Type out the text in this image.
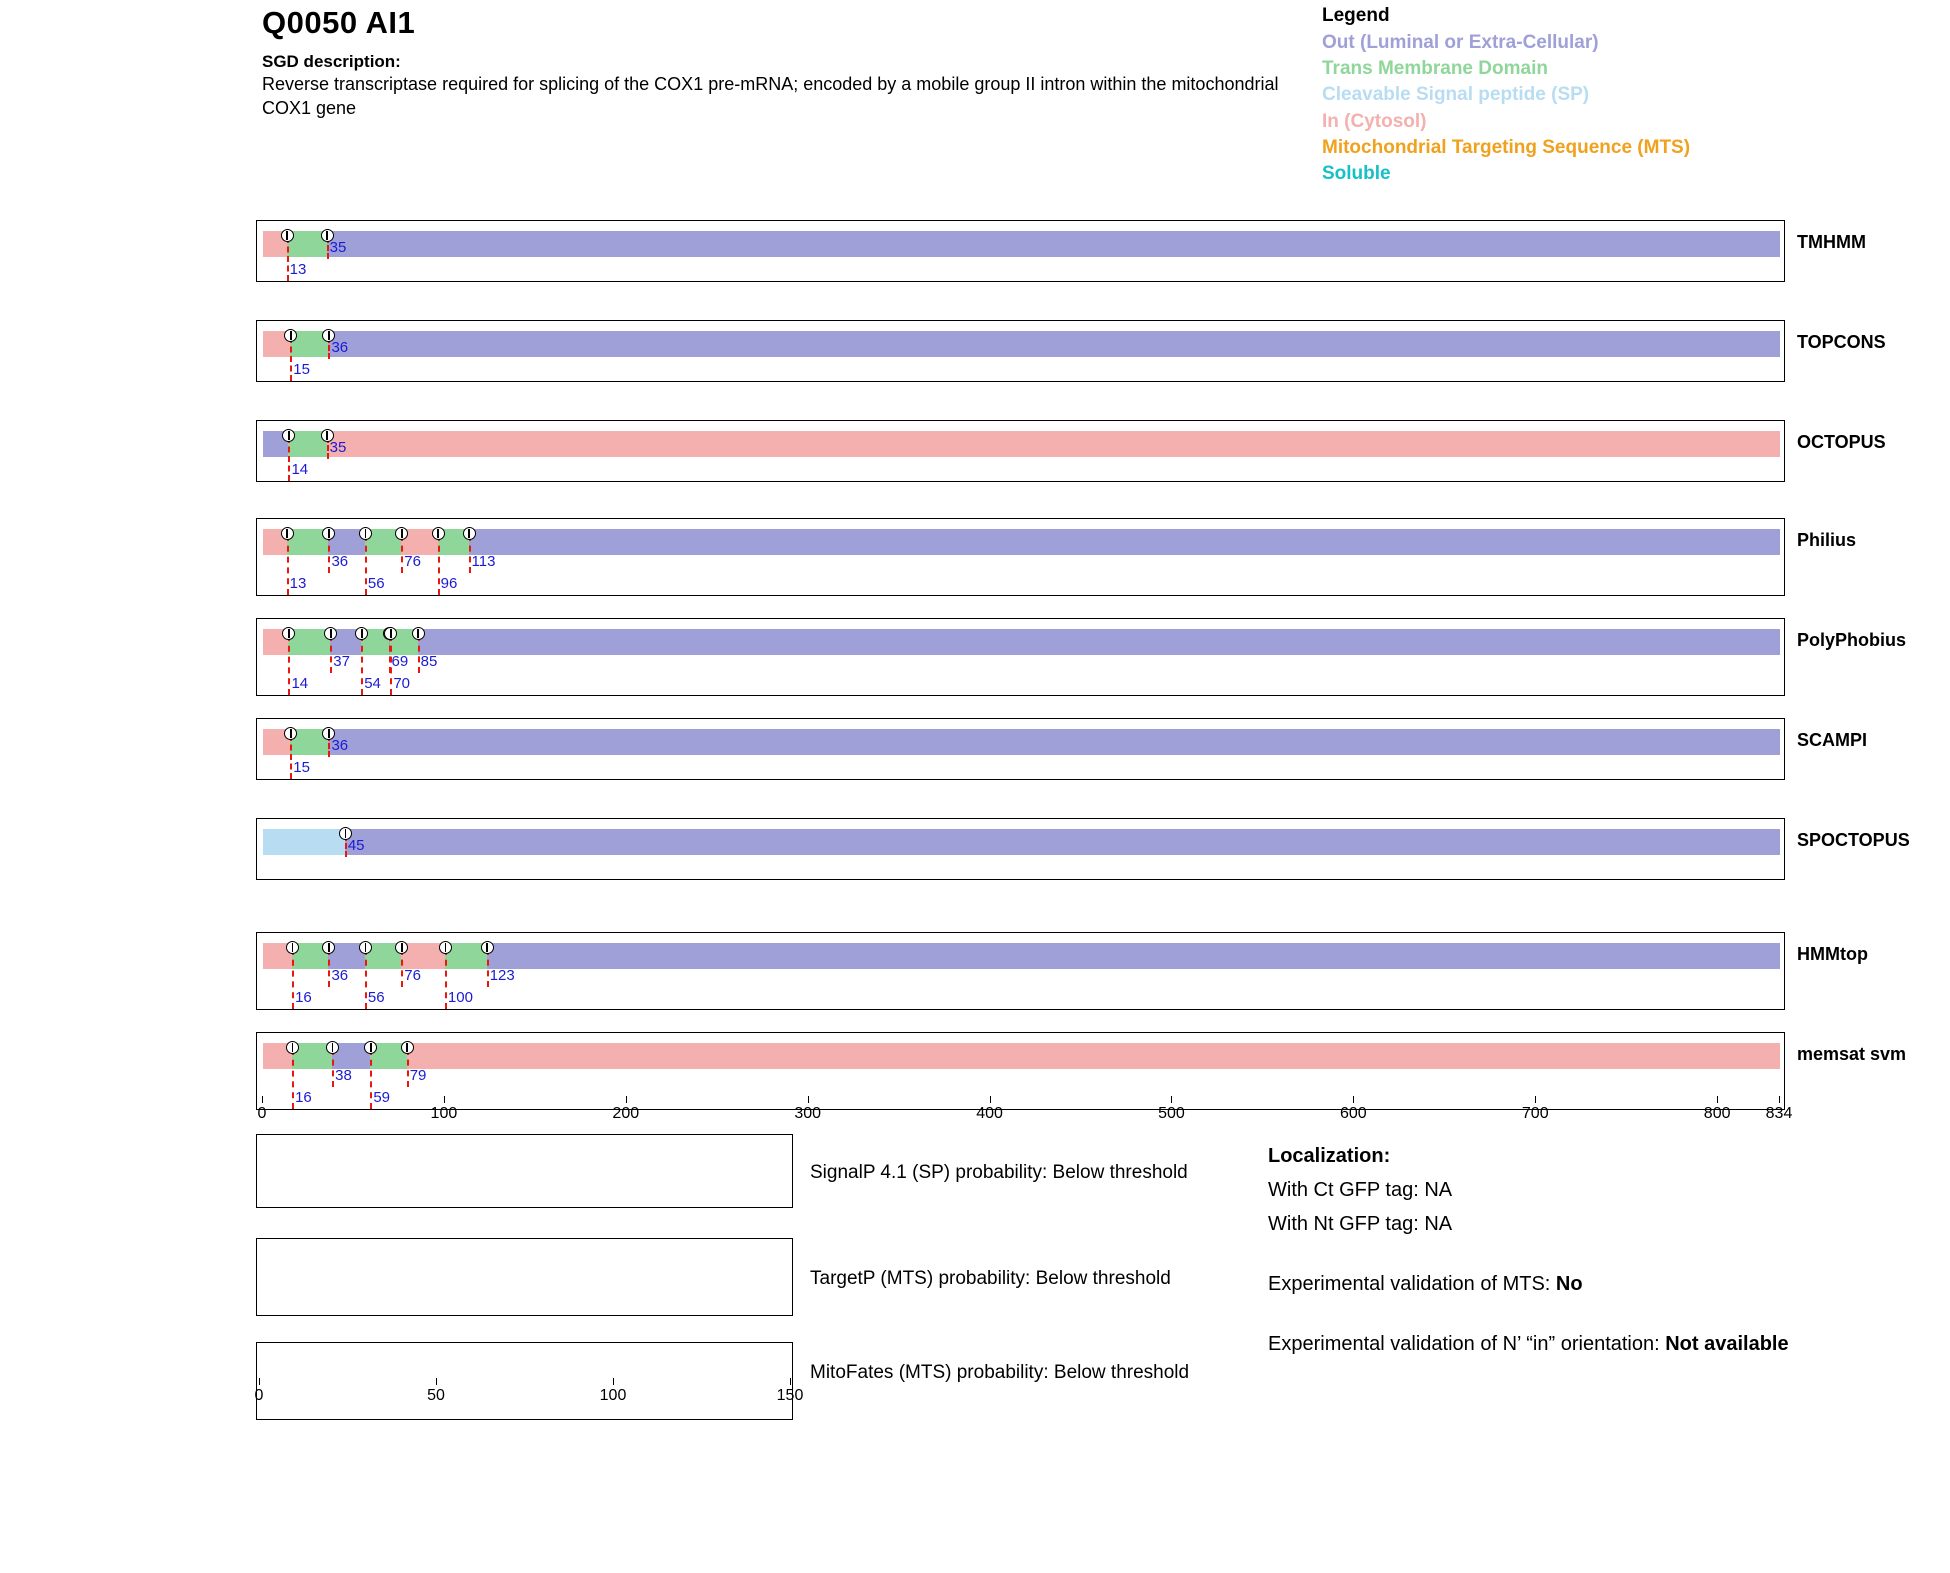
Q0050 AI1
SGD description:
Reverse transcriptase required for splicing of the COX1 pre-mRNA; encoded by a mobile group II intron within the mitochondrial COX1 gene
Legend
Out (Luminal or Extra-Cellular)
Trans Membrane Domain
Cleavable Signal peptide (SP)
In (Cytosol)
Mitochondrial Targeting Sequence (MTS)
Soluble
13
35	TMHMM
15
36	TOPCONS
14
35	OCTOPUS
13
36
56
76
96
113
Philius
14
37
54
69
70
85
PolyPhobius
15
36	SCAMPI
45	SPOCTOPUS
16
36
56
76
100
123
HMMtop
16
38
59
79
memsat svm
0	100	200	300	400	500	600	700	800 834
SignalP 4.1 (SP) probability: Below threshold
TargetP (MTS) probability: Below threshold
MitoFates (MTS) probability: Below threshold
0	50	100	150
Localization:
With Ct GFP tag: NA
With Nt GFP tag: NA
Experimental validation of MTS: No
Experimental validation of N’ “in” orientation: Not available
